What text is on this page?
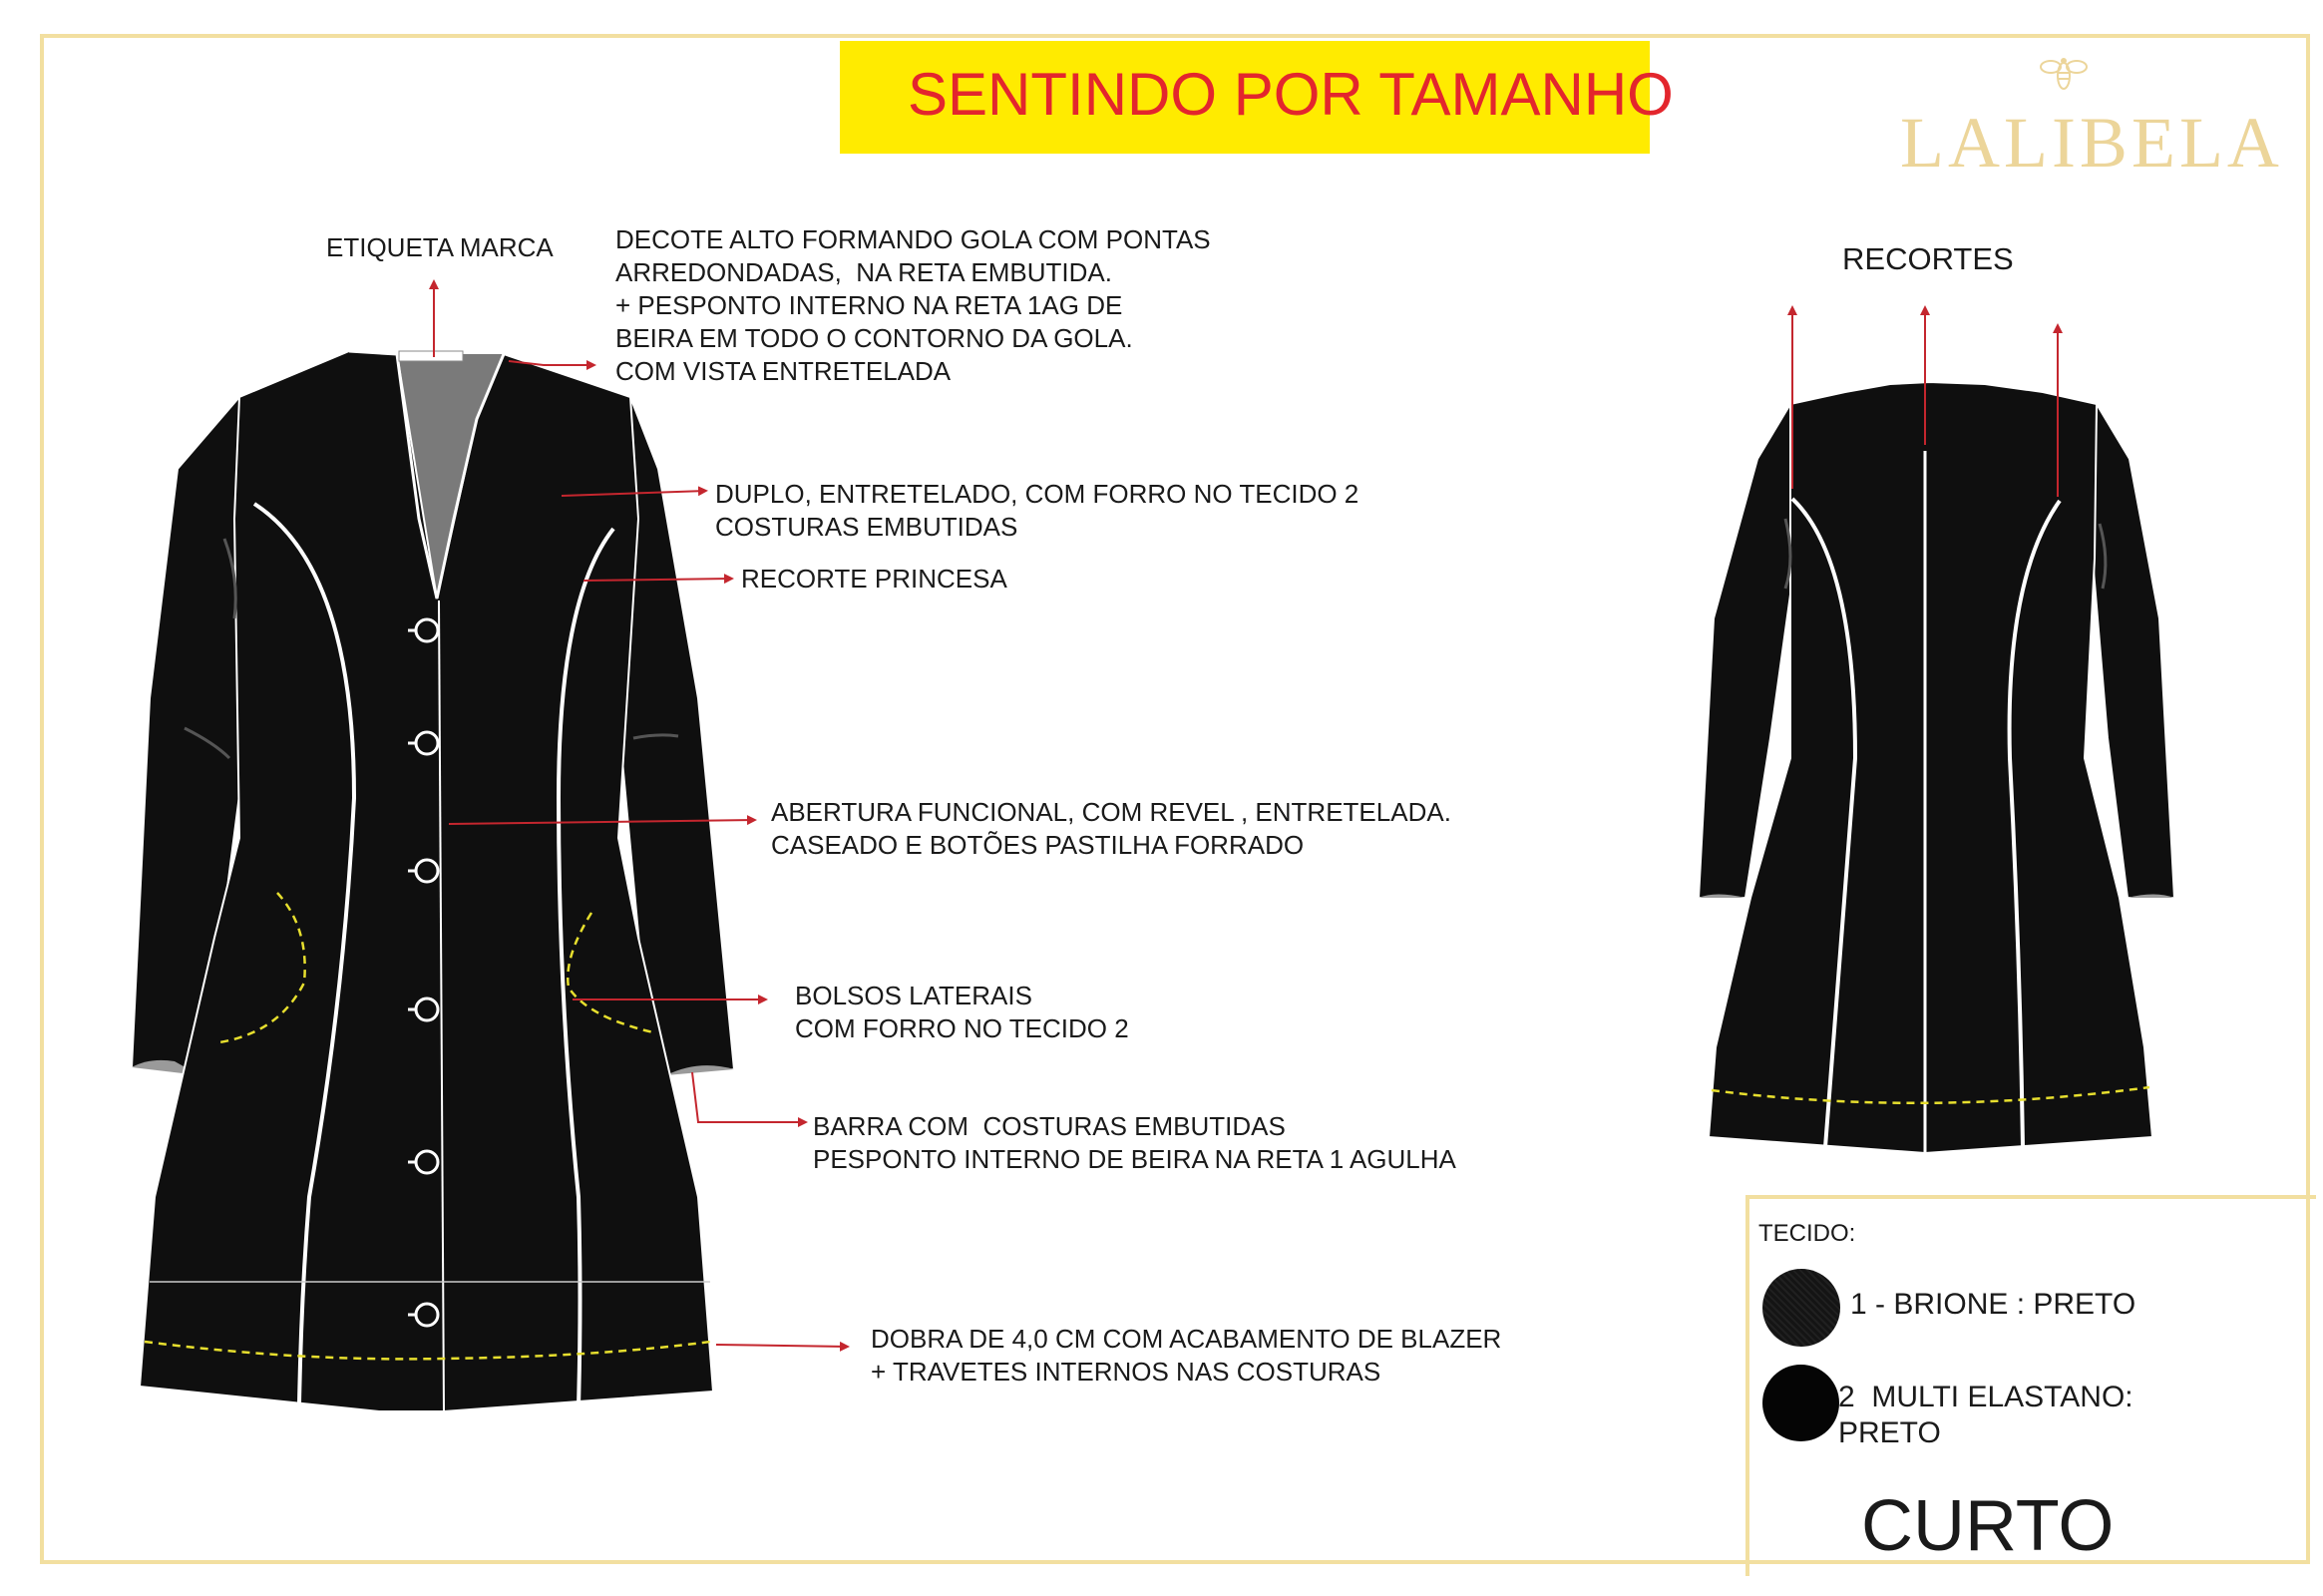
SENTINDO POR TAMANHO
LALIBELA
ETIQUETA MARCA DECOTE ALTO FORMANDO GOLA COM PONTAS
ARREDONDADAS,  NA RETA EMBUTIDA.
+ PESPONTO INTERNO NA RETA 1AG DE
BEIRA EM TODO O CONTORNO DA GOLA.
COM VISTA ENTRETELADA
DUPLO, ENTRETELADO, COM FORRO NO TECIDO 2
COSTURAS EMBUTIDAS
RECORTE PRINCESA
ABERTURA FUNCIONAL, COM REVEL , ENTRETELADA.
CASEADO E BOTÕES PASTILHA FORRADO
BOLSOS LATERAIS
COM FORRO NO TECIDO 2
BARRA COM  COSTURAS EMBUTIDAS
PESPONTO INTERNO DE BEIRA NA RETA 1 AGULHA
DOBRA DE 4,0 CM COM ACABAMENTO DE BLAZER
+ TRAVETES INTERNOS NAS COSTURAS
RECORTES
TECIDO:
1 - BRIONE : PRETO
2  MULTI ELASTANO:
PRETO
CURTO
